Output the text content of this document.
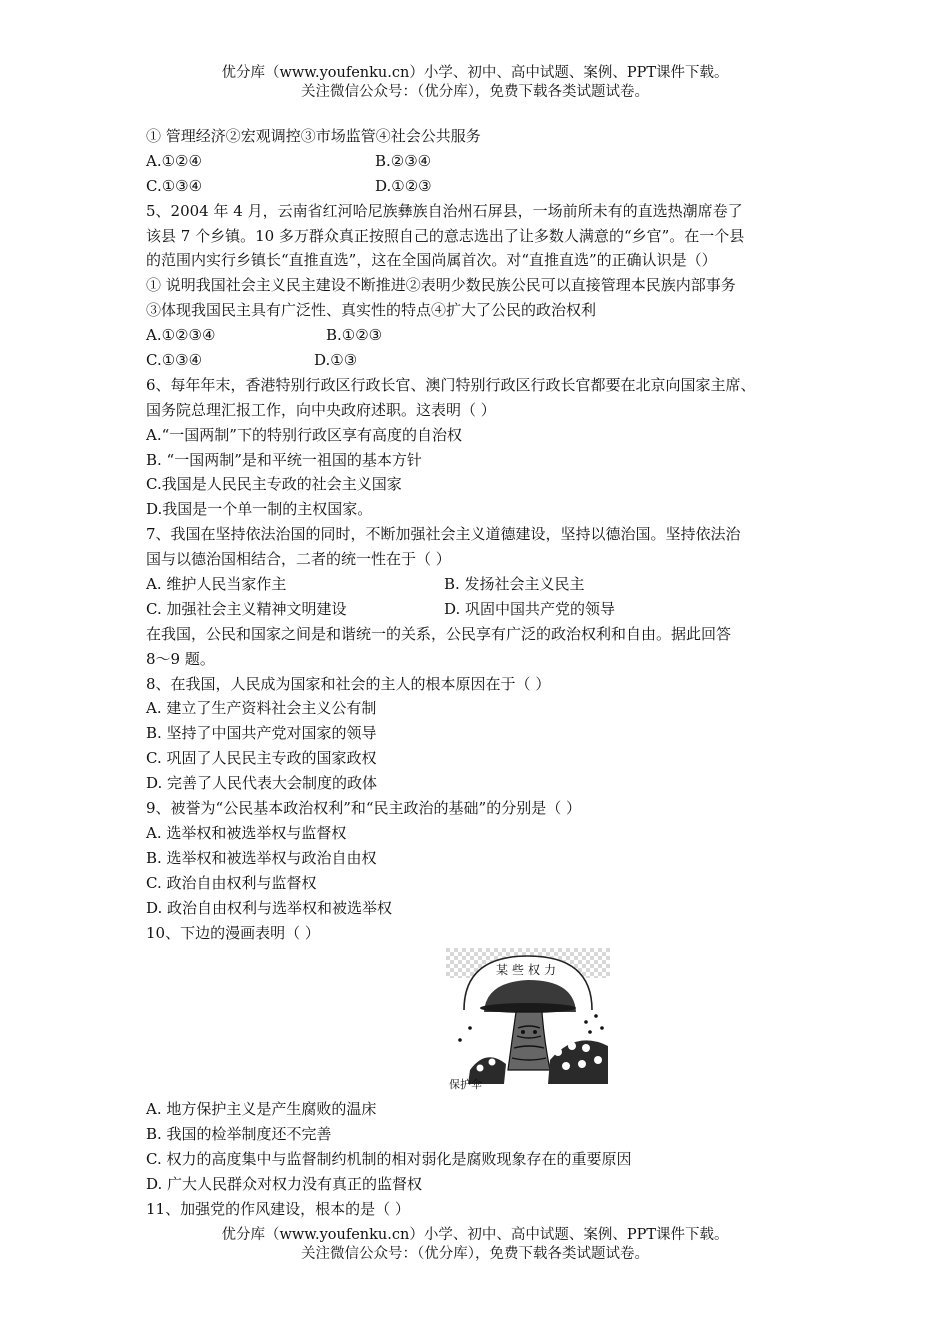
优分库（www.youfenku.cn）小学、初中、高中试题、案例、PPT课件下载。
关注微信公众号：（优分库），免费下载各类试题试卷。
① 管理经济②宏观调控③市场监管④社会公共服务
A.①②④	B.②③④
C.①③④	D.①②③
5、2004 年 4 月，云南省红河哈尼族彝族自治州石屏县，一场前所未有的直选热潮席卷了
该县 7 个乡镇。10 多万群众真正按照自己的意志选出了让多数人满意的“乡官”。在一个县
的范围内实行乡镇长“直推直选”，这在全国尚属首次。对“直推直选”的正确认识是（）
① 说明我国社会主义民主建设不断推进②表明少数民族公民可以直接管理本民族内部事务
③体现我国民主具有广泛性、真实性的特点④扩大了公民的政治权利
A.①②③④	B.①②③
C.①③④	D.①③
6、每年年末，香港特别行政区行政长官、澳门特别行政区行政长官都要在北京向国家主席、
国务院总理汇报工作，向中央政府述职。这表明（ ）
A.“一国两制”下的特别行政区享有高度的自治权
B. “一国两制”是和平统一祖国的基本方针
C.我国是人民民主专政的社会主义国家
D.我国是一个单一制的主权国家。
7、我国在坚持依法治国的同时，不断加强社会主义道德建设，坚持以德治国。坚持依法治
国与以德治国相结合，二者的统一性在于（ ）
A. 维护人民当家作主	B. 发扬社会主义民主
C. 加强社会主义精神文明建设	D. 巩固中国共产党的领导
在我国，公民和国家之间是和谐统一的关系，公民享有广泛的政治权利和自由。据此回答
8～9 题。
8、在我国，人民成为国家和社会的主人的根本原因在于（ ）
A. 建立了生产资料社会主义公有制
B. 坚持了中国共产党对国家的领导
C. 巩固了人民民主专政的国家政权
D. 完善了人民代表大会制度的政体
9、被誉为“公民基本政治权利”和“民主政治的基础”的分别是（ ）
A. 选举权和被选举权与监督权
B. 选举权和被选举权与政治自由权
C. 政治自由权利与监督权
D. 政治自由权利与选举权和被选举权
10、下边的漫画表明（ ）
某些权力
保护伞
A. 地方保护主义是产生腐败的温床
B. 我国的检举制度还不完善
C. 权力的高度集中与监督制约机制的相对弱化是腐败现象存在的重要原因
D. 广大人民群众对权力没有真正的监督权
11、加强党的作风建设，根本的是（ ）
优分库（www.youfenku.cn）小学、初中、高中试题、案例、PPT课件下载。
关注微信公众号：（优分库），免费下载各类试题试卷。
